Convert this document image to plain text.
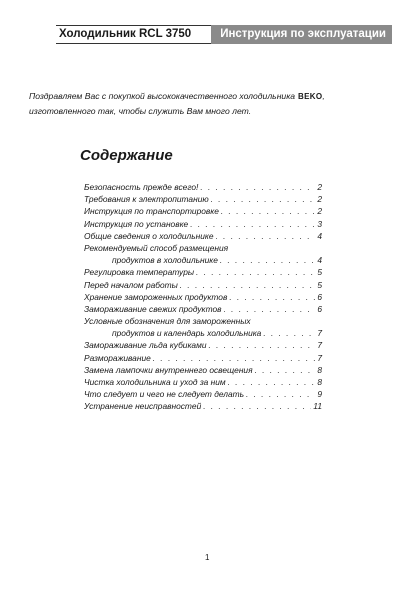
Холодильник RCL 3750	Инструкция по эксплуатации
Поздравляем Вас с покупкой высококачественного холодильника BEKO,
изготовленного так, чтобы служить Вам много лет.
Содержание
Безопасность прежде всего! . . .	2
Требования к электропитанию . . .	2
Инструкция по транспортировке . . .	2
Инструкция по установке . . .	3
Общие сведения о холодильнике . . .	4
Рекомендуемый способ размещения
продуктов в холодильнике . . .	4
Регулировка температуры . . .	5
Перед началом работы . . .	5
Хранение замороженных продуктов . . .	6
Замораживание свежих продуктов . . .	6
Условные обозначения для замороженных
продуктов и календарь холодильника . . .	7
Замораживание льда кубиками . . .	7
Размораживание . . .	7
Замена лампочки внутреннего освещения . . .	8
Чистка холодильника и уход за ним . . .	8
Что следует и чего не следует делать . . .	9
Устранение неисправностей . . .	11
1
